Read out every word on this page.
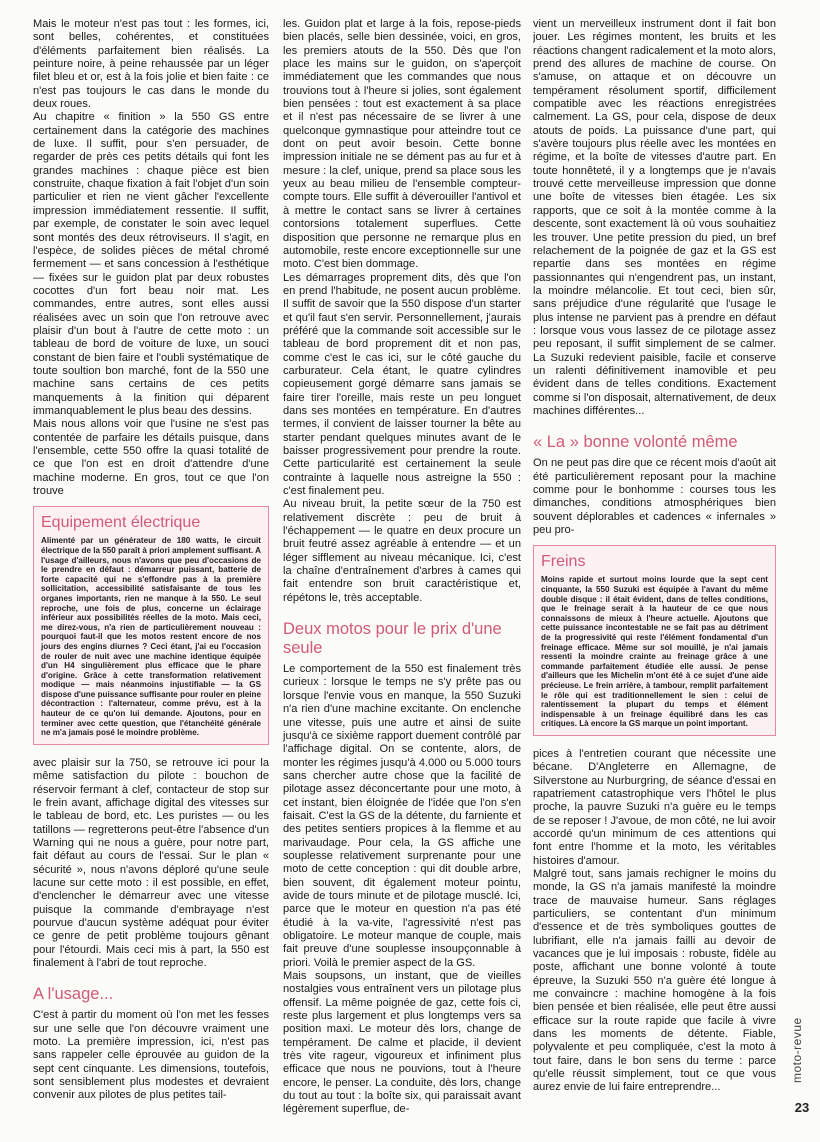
Mais le moteur n'est pas tout : les formes, ici, sont belles, cohérentes, et constituées d'éléments parfaitement bien réalisés. La peinture noire, à peine rehaussée par un léger filet bleu et or, est à la fois jolie et bien faite : ce n'est pas toujours le cas dans le monde du deux roues.

Au chapitre « finition » la 550 GS entre certainement dans la catégorie des machines de luxe. Il suffit, pour s'en persuader, de regarder de près ces petits détails qui font les grandes machines : chaque pièce est bien construite, chaque fixation à fait l'objet d'un soin particulier et rien ne vient gâcher l'excellente impression immédiatement ressentie. Il suffit, par exemple, de constater le soin avec lequel sont montés des deux rétroviseurs. Il s'agit, en l'espèce, de solides pièces de métal chromé fermement — et sans concession à l'esthétique — fixées sur le guidon plat par deux robustes cocottes d'un fort beau noir mat. Les commandes, entre autres, sont elles aussi réalisées avec un soin que l'on retrouve avec plaisir d'un bout à l'autre de cette moto : un tableau de bord de voiture de luxe, un souci constant de bien faire et l'oubli systématique de toute soultion bon marché, font de la 550 une machine sans certains de ces petits manquements à la finition qui déparent immanquablement le plus beau des dessins.

Mais nous allons voir que l'usine ne s'est pas contentée de parfaire les détails puisque, dans l'ensemble, cette 550 offre la quasi totalité de ce que l'on est en droit d'attendre d'une machine moderne. En gros, tout ce que l'on trouve

Equipement électrique
Alimenté par un générateur de 180 watts, le circuit électrique de la 550 paraît à priori amplement suffisant. A l'usage d'ailleurs, nous n'avons que peu d'occasions de le prendre en défaut : démarreur puissant, batterie de forte capacité qui ne s'effondre pas à la première sollicitation, accessibilité satisfaisante de tous les organes importants, rien ne manque à la 550. Le seul reproche, une fois de plus, concerne un éclairage inférieur aux possibilités réelles de la moto. Mais ceci, me direz-vous, n'a rien de particulièrement nouveau : pourquoi faut-il que les motos restent encore de nos jours des engins diurnes ? Ceci étant, j'ai eu l'occasion de rouler de nuit avec une machine identique équipée d'un H4 singulièrement plus efficace que le phare d'origine. Grâce à cette transformation relativement modique — mais néanmoins injustifiable — la GS dispose d'une puissance suffisante pour rouler en pleine décontraction : l'alternateur, comme prévu, est à la hauteur de ce qu'on lui demande. Ajoutons, pour en terminer avec cette question, que l'étanchéité générale ne m'a jamais posé le moindre problème.

avec plaisir sur la 750, se retrouve ici pour la même satisfaction du pilote : bouchon de réservoir fermant à clef, contacteur de stop sur le frein avant, affichage digital des vitesses sur le tableau de bord, etc. Les puristes — ou les tatillons — regretterons peut-être l'absence d'un Warning qui ne nous a guère, pour notre part, fait défaut au cours de l'essai. Sur le plan « sécurité », nous n'avons déploré qu'une seule lacune sur cette moto : il est possible, en effet, d'enclencher le démarreur avec une vitesse puisque la commande d'embrayage n'est pourvue d'aucun système adéquat pour éviter ce genre de petit problème toujours gênant pour l'étourdi. Mais ceci mis à part, la 550 est finalement à l'abri de tout reproche.

A l'usage...

C'est à partir du moment où l'on met les fesses sur une selle que l'on découvre vraiment une moto. La première impression, ici, n'est pas sans rappeler celle éprouvée au guidon de la sept cent cinquante. Les dimensions, toutefois, sont sensiblement plus modestes et devraient convenir aux pilotes de plus petites tail-

les. Guidon plat et large à la fois, repose-pieds bien placés, selle bien dessinée, voici, en gros, les premiers atouts de la 550. Dès que l'on place les mains sur le guidon, on s'aperçoit immédiatement que les commandes que nous trouvions tout à l'heure si jolies, sont également bien pensées : tout est exactement à sa place et il n'est pas nécessaire de se livrer à une quelconque gymnastique pour atteindre tout ce dont on peut avoir besoin. Cette bonne impression initiale ne se dément pas au fur et à mesure : la clef, unique, prend sa place sous les yeux au beau milieu de l'ensemble compteur-compte tours. Elle suffit à déverouiller l'antivol et à mettre le contact sans se livrer à certaines contorsions totalement superflues. Cette disposition que personne ne remarque plus en automobile, reste encore exceptionnelle sur une moto. C'est bien dommage.

Les démarrages proprement dits, dès que l'on en prend l'habitude, ne posent aucun problème. Il suffit de savoir que la 550 dispose d'un starter et qu'il faut s'en servir. Personnellement, j'aurais préféré que la commande soit accessible sur le tableau de bord proprement dit et non pas, comme c'est le cas ici, sur le côté gauche du carburateur. Cela étant, le quatre cylindres copieusement gorgé démarre sans jamais se faire tirer l'oreille, mais reste un peu longuet dans ses montées en température. En d'autres termes, il convient de laisser tourner la bête au starter pendant quelques minutes avant de le baisser progressivement pour prendre la route. Cette particularité est certainement la seule contrainte à laquelle nous astreigne la 550 : c'est finalement peu.

Au niveau bruit, la petite sœur de la 750 est relativement discrète : peu de bruit à l'échappement — le quatre en deux procure un bruit feutré assez agréable à entendre — et un léger sifflement au niveau mécanique. Ici, c'est la chaîne d'entraînement d'arbres à cames qui fait entendre son bruit caractéristique et, répétons le, très acceptable.

Deux motos pour le prix d'une seule

Le comportement de la 550 est finalement très curieux : lorsque le temps ne s'y prête pas ou lorsque l'envie vous en manque, la 550 Suzuki n'a rien d'une machine excitante. On enclenche une vitesse, puis une autre et ainsi de suite jusqu'à ce sixième rapport duement contrôlé par l'affichage digital. On se contente, alors, de monter les régimes jusqu'à 4.000 ou 5.000 tours sans chercher autre chose que la facilité de pilotage assez déconcertante pour une moto, à cet instant, bien éloignée de l'idée que l'on s'en faisait. C'est la GS de la détente, du farniente et des petites sentiers propices à la flemme et au marivaudage. Pour cela, la GS affiche une souplesse relativement surprenante pour une moto de cette conception : qui dit double arbre, bien souvent, dit également moteur pointu, avide de tours minute et de pilotage musclé. Ici, parce que le moteur en question n'a pas été étudié à la va-vite, l'agressivité n'est pas obligatoire. Le moteur manque de couple, mais fait preuve d'une souplesse insoupçonnable à priori. Voilà le premier aspect de la GS.

Mais soupsons, un instant, que de vieilles nostalgies vous entraînent vers un pilotage plus offensif. La même poignée de gaz, cette fois ci, reste plus largement et plus longtemps vers sa position maxi. Le moteur dès lors, change de tempérament. De calme et placide, il devient très vite rageur, vigoureux et infiniment plus efficace que nous ne pouvions, tout à l'heure encore, le penser. La conduite, dès lors, change du tout au tout : la boîte six, qui paraissait avant légèrement superflue, de-

vient un merveilleux instrument dont il fait bon jouer. Les régimes montent, les bruits et les réactions changent radicalement et la moto alors, prend des allures de machine de course. On s'amuse, on attaque et on découvre un tempérament résolument sportif, difficilement compatible avec les réactions enregistrées calmement. La GS, pour cela, dispose de deux atouts de poids. La puissance d'une part, qui s'avère toujours plus réelle avec les montées en régime, et la boîte de vitesses d'autre part. En toute honnêteté, il y a longtemps que je n'avais trouvé cette merveilleuse impression que donne une boîte de vitesses bien étagée. Les six rapports, que ce soit à la montée comme à la descente, sont exactement là où vous souhaitiez les trouver. Une petite pression du pied, un bref relachement de la poignée de gaz et la GS est repartie dans ses montées en régime passionnantes qui n'engendrent pas, un instant, la moindre mélancolie. Et tout ceci, bien sûr, sans préjudice d'une régularité que l'usage le plus intense ne parvient pas à prendre en défaut : lorsque vous vous lassez de ce pilotage assez peu reposant, il suffit simplement de se calmer. La Suzuki redevient paisible, facile et conserve un ralenti définitivement inamovible et peu évident dans de telles conditions. Exactement comme si l'on disposait, alternativement, de deux machines différentes...

« La » bonne volonté même

On ne peut pas dire que ce récent mois d'août ait été particulièrement reposant pour la machine comme pour le bonhomme : courses tous les dimanches, conditions atmosphériques bien souvent déplorables et cadences « infernales » peu pro-

Freins
Moins rapide et surtout moins lourde que la sept cent cinquante, la 550 Suzuki est équipée à l'avant du même double disque : il était évident, dans de telles conditions, que le freinage serait à la hauteur de ce que nous connaissons de mieux à l'heure actuelle. Ajoutons que cette puissance incontestable ne se fait pas au détriment de la progressivité qui reste l'élément fondamental d'un freinage efficace. Même sur sol mouillé, je n'ai jamais ressenti la moindre crainte au freinage grâce à une commande parfaitement étudiée elle aussi. Je pense d'ailleurs que les Michelin m'ont été à ce sujet d'une aide précieuse. Le frein arrière, à tambour, remplit parfaitement le rôle qui est traditionnellement le sien : celui de ralentissement la plupart du temps et élément indispensable à un freinage équilibré dans les cas critiques. Là encore la GS marque un point important.

pices à l'entretien courant que nécessite une bécane. D'Angleterre en Allemagne, de Silverstone au Nurburgring, de séance d'essai en rapatriement catastrophique vers l'hôtel le plus proche, la pauvre Suzuki n'a guère eu le temps de se reposer ! J'avoue, de mon côté, ne lui avoir accordé qu'un minimum de ces attentions qui font entre l'homme et la moto, les véritables histoires d'amour.

Malgré tout, sans jamais rechigner le moins du monde, la GS n'a jamais manifesté la moindre trace de mauvaise humeur. Sans réglages particuliers, se contentant d'un minimum d'essence et de très symboliques gouttes de lubrifiant, elle n'a jamais failli au devoir de vacances que je lui imposais : robuste, fidèle au poste, affichant une bonne volonté à toute épreuve, la Suzuki 550 n'a guère été longue à me convaincre : machine homogène à la fois bien pensée et bien réalisée, elle peut être aussi efficace sur la route rapide que facile à vivre dans les moments de détente. Fiable, polyvalente et peu compliquée, c'est la moto à tout faire, dans le bon sens du terme : parce qu'elle réussit simplement, tout ce que vous aurez envie de lui faire entreprendre...

moto-revue
23
